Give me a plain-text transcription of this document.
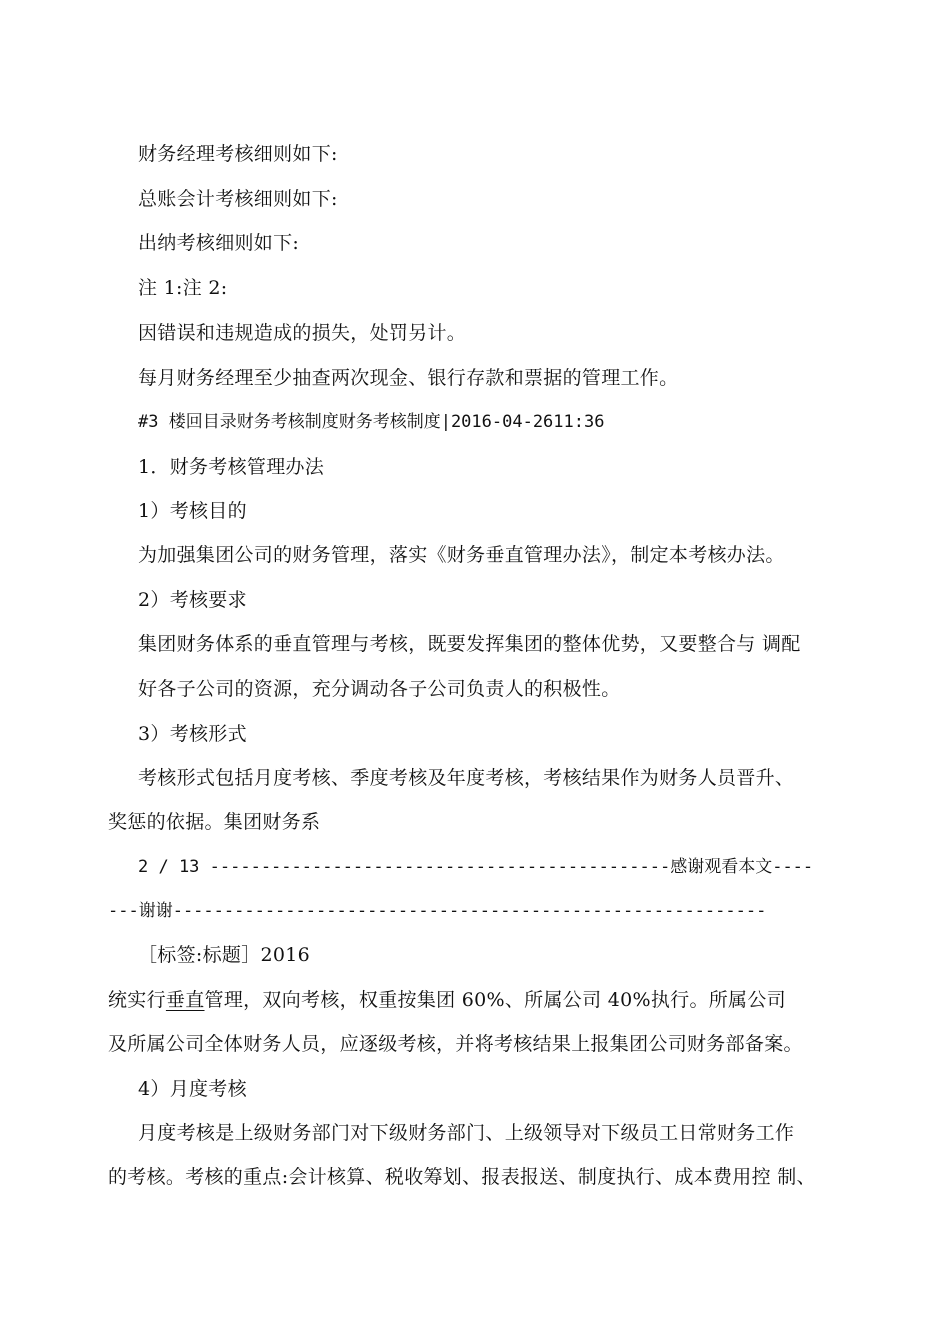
财务经理考核细则如下:
总账会计考核细则如下:
出纳考核细则如下:
注 1:注 2:
因错误和违规造成的损失，处罚另计。
每月财务经理至少抽查两次现金、银行存款和票据的管理工作。
#3 楼回目录财务考核制度财务考核制度|2016-04-2611:36
1．财务考核管理办法
1）考核目的
为加强集团公司的财务管理，落实《财务垂直管理办法》，制定本考核办法。
2）考核要求
集团财务体系的垂直管理与考核，既要发挥集团的整体优势，又要整合与 调配
好各子公司的资源，充分调动各子公司负责人的积极性。
3）考核形式
考核形式包括月度考核、季度考核及年度考核，考核结果作为财务人员晋升、
奖惩的依据。集团财务系
2 / 13 ---------------------------------------------感谢观看本文----
---谢谢----------------------------------------------------------
［标签:标题］2016
统实行垂直管理，双向考核，权重按集团 60%、所属公司 40%执行。所属公司
及所属公司全体财务人员，应逐级考核，并将考核结果上报集团公司财务部备案。
4）月度考核
月度考核是上级财务部门对下级财务部门、上级领导对下级员工日常财务工作
的考核。考核的重点:会计核算、税收筹划、报表报送、制度执行、成本费用控 制、
